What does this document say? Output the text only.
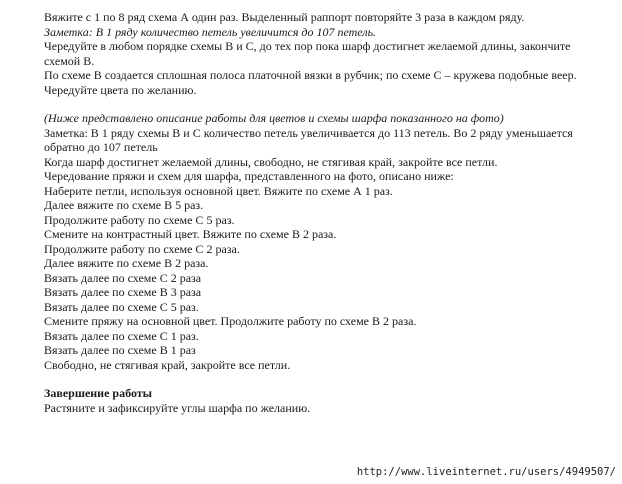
Вяжите с 1 по 8 ряд схема А один раз. Выделенный раппорт повторяйте 3 раза в каждом ряду.

Заметка: В 1 ряду количество петель увеличится до 107 петель.

Чередуйте в любом порядке схемы В и С, до тех пор пока шарф достигнет желаемой длины, закончите схемой В.

По схеме В создается сплошная полоса платочной вязки в рубчик; по схеме С – кружева подобные веер.

Чередуйте цвета по желанию.

(Ниже представлено описание работы для цветов и схемы шарфа показанного на фото)

Заметка: В 1 ряду схемы В и С количество петель увеличивается до 113 петель. Во 2 ряду уменьшается обратно до 107 петель

Когда шарф достигнет желаемой длины, свободно, не стягивая край, закройте все петли.

Чередование пряжи и схем для шарфа, представленного на фото, описано ниже:

Наберите петли, используя основной цвет. Вяжите по схеме А 1 раз.

Далее вяжите по схеме В 5 раз.

Продолжите работу по схеме С 5 раз.

Смените на контрастный цвет. Вяжите по схеме В 2 раза.

Продолжите работу по схеме С 2 раза.

Далее вяжите по схеме В 2 раза.

Вязать далее по схеме С 2 раза

Вязать далее по схеме В 3 раза

Вязать далее по схеме С 5 раз.

Смените пряжу на основной цвет. Продолжите работу по схеме В 2 раза.

Вязать далее по схеме С 1 раз.

Вязать далее по схеме В 1 раз

Свободно, не стягивая край, закройте все петли.

Завершение работы

Растяните и зафиксируйте углы шарфа по желанию.

http://www.liveinternet.ru/users/4949507/
